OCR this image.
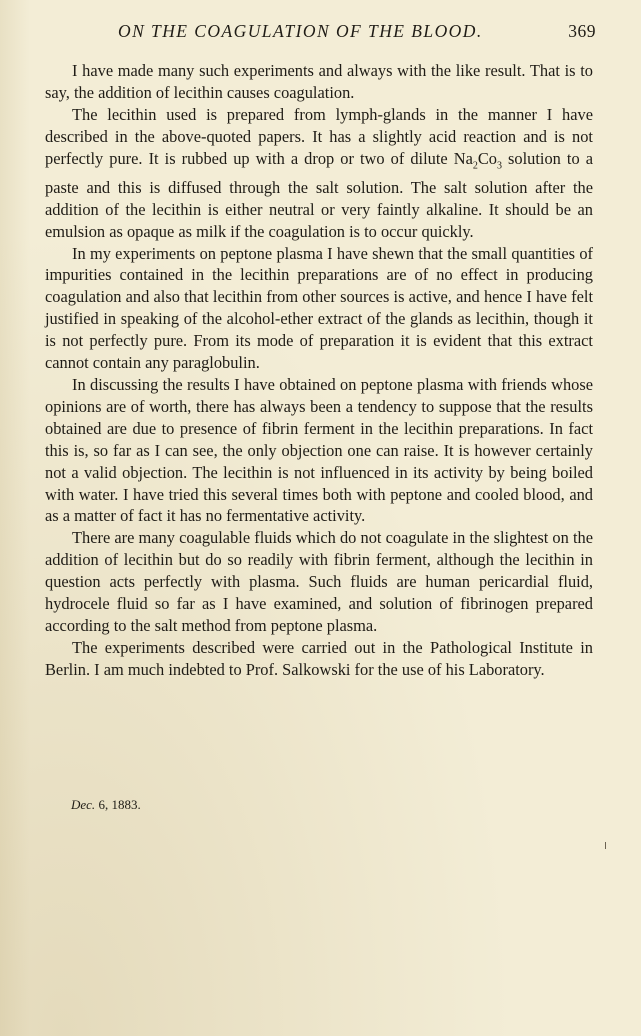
ON THE COAGULATION OF THE BLOOD.	369

I have made many such experiments and always with the like result. That is to say, the addition of lecithin causes coagulation.

The lecithin used is prepared from lymph-glands in the manner I have described in the above-quoted papers. It has a slightly acid reaction and is not perfectly pure. It is rubbed up with a drop or two of dilute $Na_2Co_3$ solution to a paste and this is diffused through the salt solution. The salt solution after the addition of the lecithin is either neutral or very faintly alkaline. It should be an emulsion as opaque as milk if the coagulation is to occur quickly.

In my experiments on peptone plasma I have shewn that the small quantities of impurities contained in the lecithin preparations are of no effect in producing coagulation and also that lecithin from other sources is active, and hence I have felt justified in speaking of the alcohol-ether extract of the glands as lecithin, though it is not perfectly pure. From its mode of preparation it is evident that this extract cannot contain any paraglobulin.

In discussing the results I have obtained on peptone plasma with friends whose opinions are of worth, there has always been a tendency to suppose that the results obtained are due to presence of fibrin ferment in the lecithin preparations. In fact this is, so far as I can see, the only objection one can raise. It is however certainly not a valid objection. The lecithin is not influenced in its activity by being boiled with water. I have tried this several times both with peptone and cooled blood, and as a matter of fact it has no fermentative activity.

There are many coagulable fluids which do not coagulate in the slightest on the addition of lecithin but do so readily with fibrin ferment, although the lecithin in question acts perfectly with plasma. Such fluids are human pericardial fluid, hydrocele fluid so far as I have examined, and solution of fibrinogen prepared according to the salt method from peptone plasma.

The experiments described were carried out in the Pathological Institute in Berlin. I am much indebted to Prof. Salkowski for the use of his Laboratory.

Dec. 6, 1883.
